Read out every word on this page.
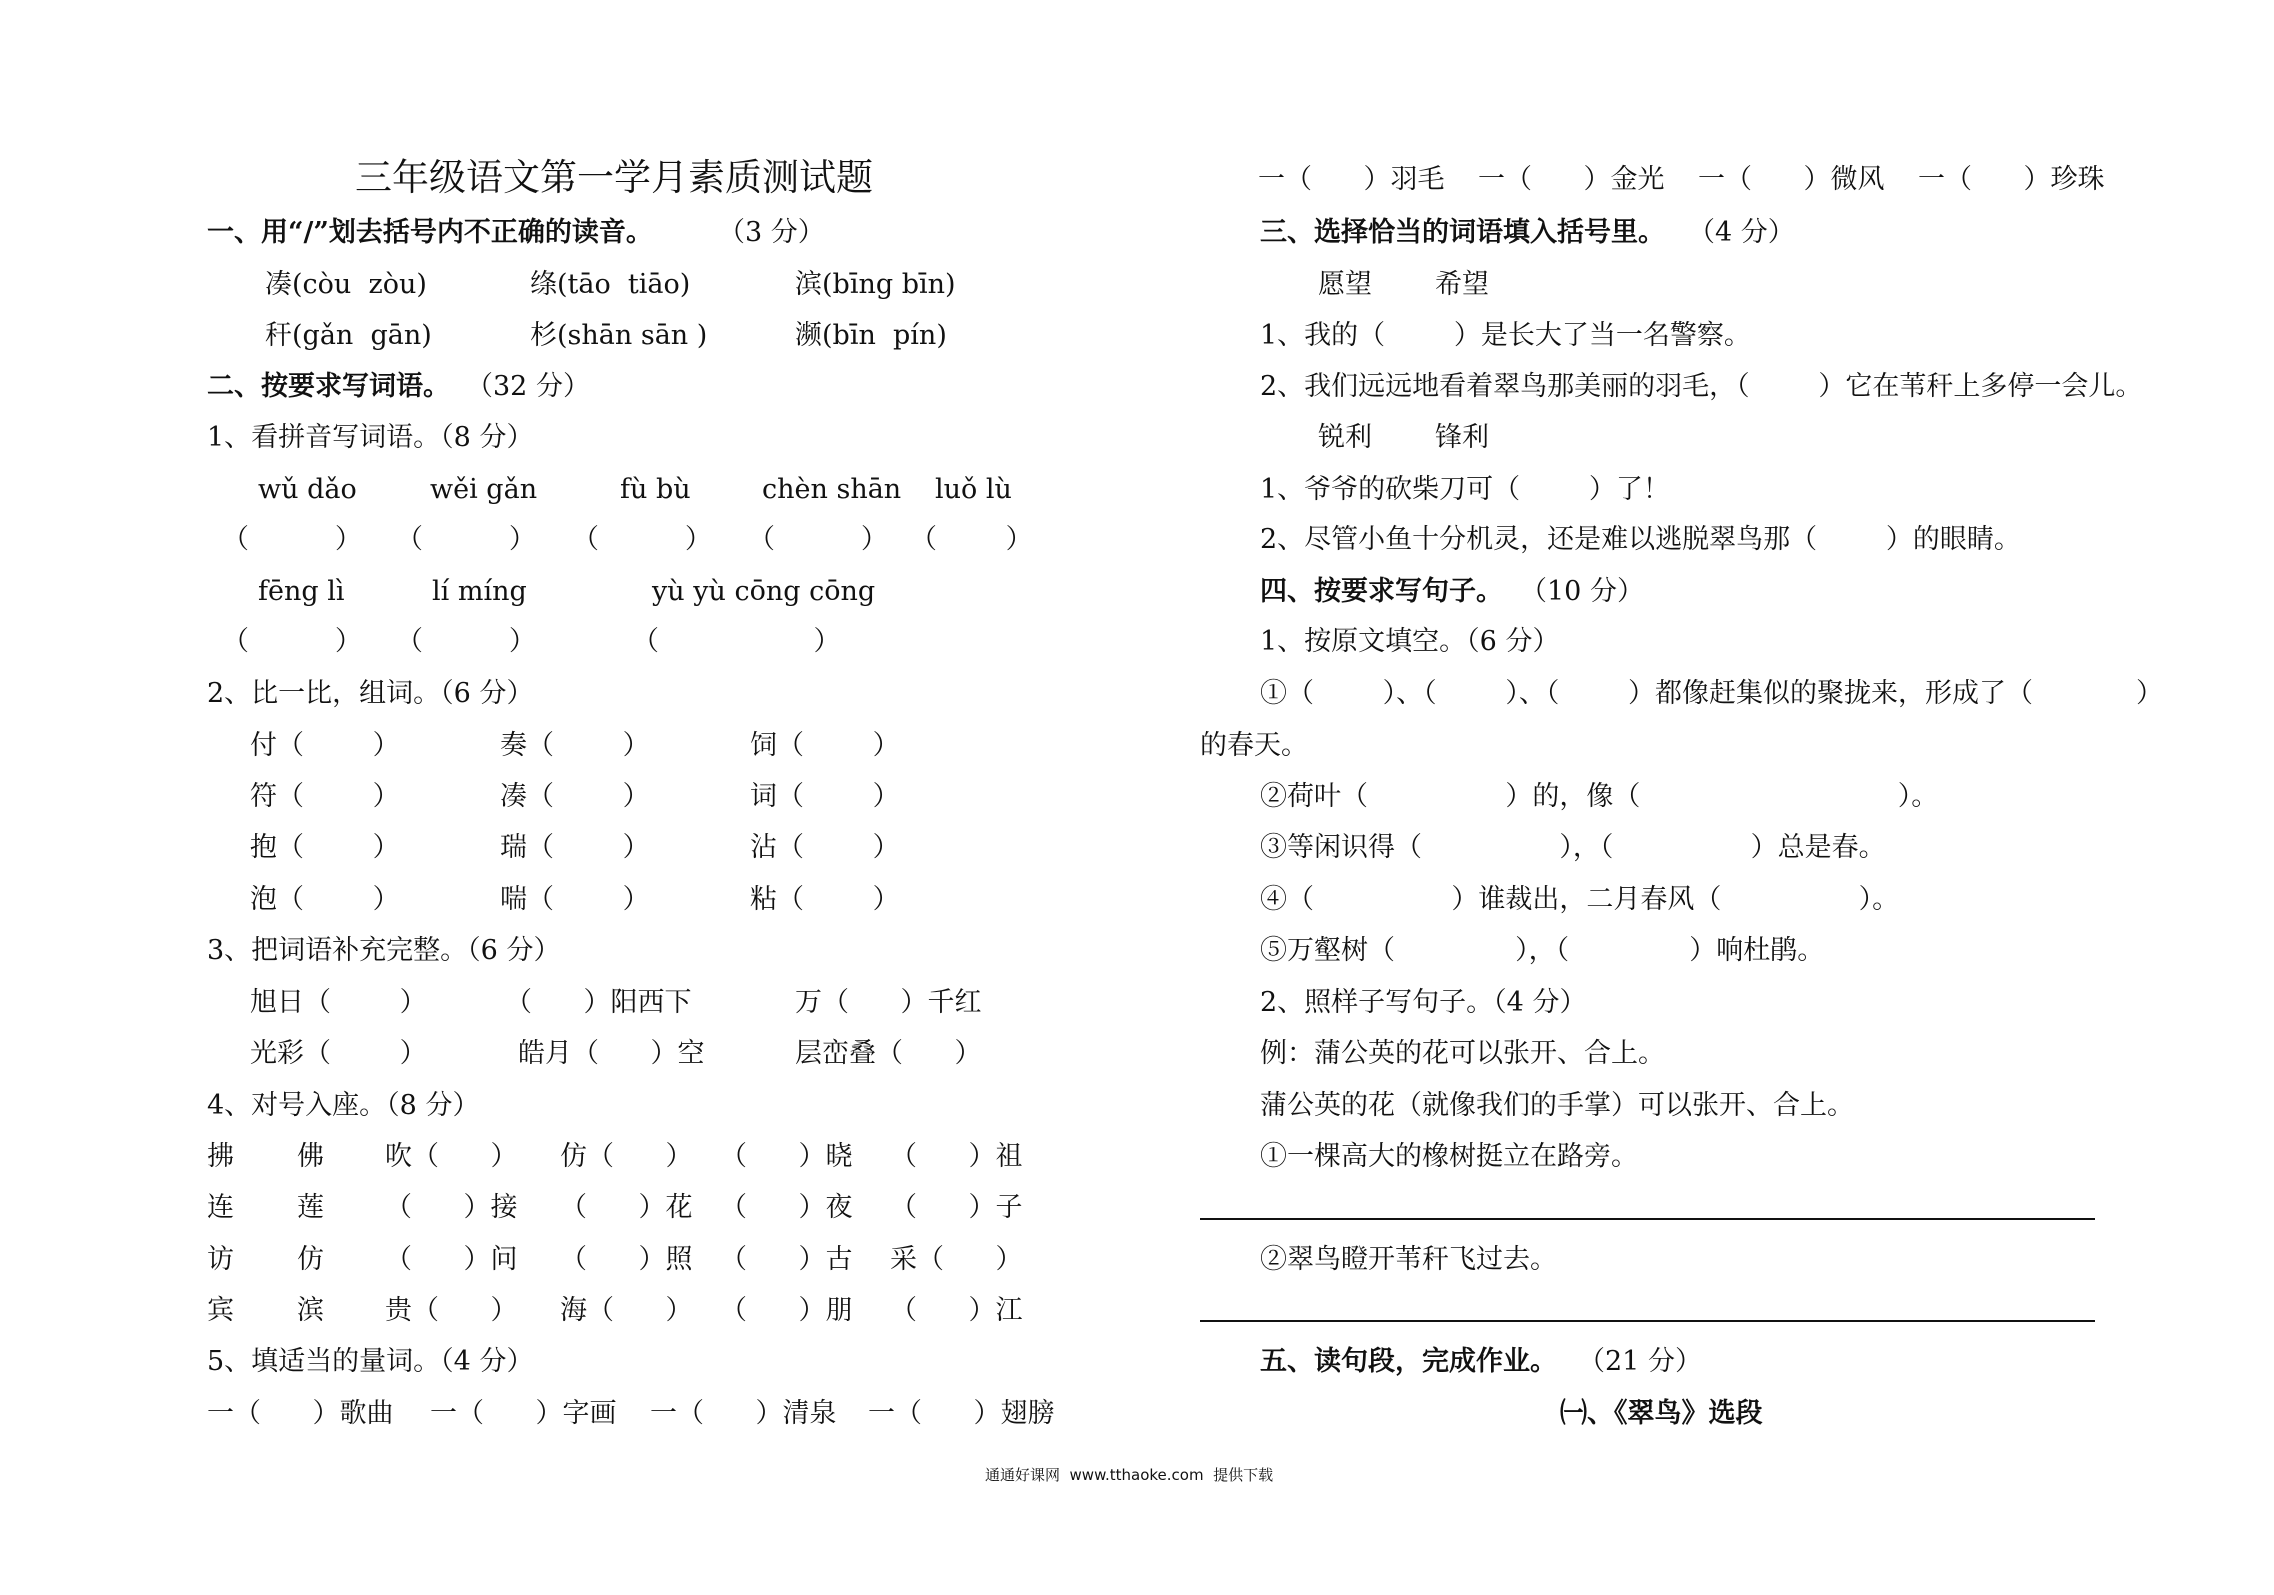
三年级语文第一学月素质测试题
一、用“/”划去括号内不正确的读音。 （3 分）
凑(còu  zòu)	绦(tāo  tiāo)	滨(bīng bīn)
秆(gǎn  gān)	杉(shān sān )	濒(bīn  pín)
二、按要求写词语。 （32 分）
1、看拼音写词语。（8 分）
wǔ dǎo	wěi gǎn	fù bù	chèn shān luǒ lù
（          ） （          ） （          ） （          ） （        ）
fēng lì	lí míng	yù yù cōng cōng
（          ） （          ）	（                  ）
2、比一比，组词。（6 分）
付（        ）	奏（        ）	饲（        ）
符（        ）	凑（        ）	词（        ）
抱（        ）	瑞（        ）	沾（        ）
泡（        ）	喘（        ）	粘（        ）
3、把词语补充完整。（6 分）
旭日（        ）	（      ）阳西下	万（      ）千红
光彩（        ）	皓月（      ）空	层峦叠（      ）
4、对号入座。（8 分）
拂 佛 吹（      ） 仿（      ） （      ）晓 （      ）祖
连 莲 （      ）接 （      ）花 （      ）夜 （      ）子
访 仿 （      ）问 （      ）照 （      ）古 采（      ）
宾 滨 贵（      ） 海（      ） （      ）朋 （      ）江
5、填适当的量词。（4 分）
一（      ）歌曲 一（      ）字画 一（      ）清泉 一（      ）翅膀
一（      ）羽毛 一（      ）金光 一（      ）微风 一（      ）珍珠
三、选择恰当的词语填入括号里。 （4 分）
愿望 希望
1、我的（        ）是长大了当一名警察。
2、我们远远地看着翠鸟那美丽的羽毛，（        ）它在苇秆上多停一会儿。
锐利 锋利
1、爷爷的砍柴刀可（        ）了！
2、尽管小鱼十分机灵，还是难以逃脱翠鸟那（        ）的眼睛。
四、按要求写句子。 （10 分）
1、按原文填空。（6 分）
①（        ）、（        ）、（        ）都像赶集似的聚拢来，形成了（            ）
的春天。
②荷叶（                ）的，像（                              ）。
③等闲识得（                ），（                ）总是春。
④（                ）谁裁出，二月春风（                ）。
⑤万壑树（              ），（              ）响杜鹃。
2、照样子写句子。（4 分）
例：蒲公英的花可以张开、合上。
蒲公英的花（就像我们的手掌）可以张开、合上。
①一棵高大的橡树挺立在路旁。
②翠鸟瞪开苇秆飞过去。
五、读句段，完成作业。 （21 分）
㈠、《翠鸟》选段
通通好课网  www.tthaoke.com  提供下载
